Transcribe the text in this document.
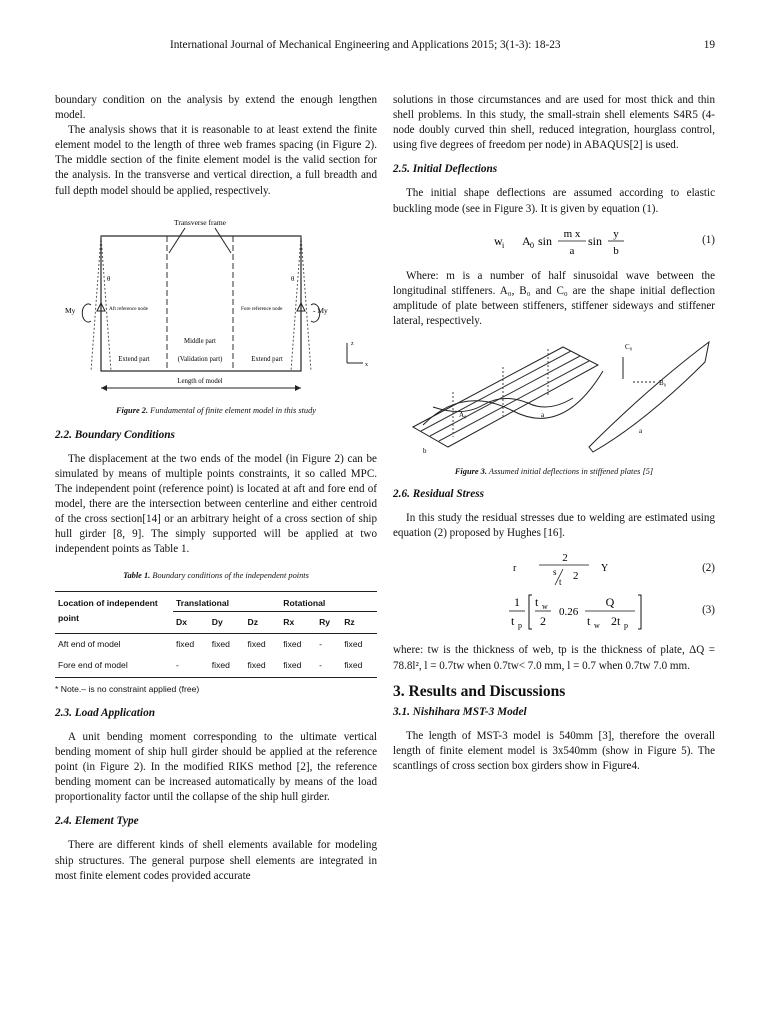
International Journal of Mechanical Engineering and Applications 2015; 3(1-3): 18-23	19

boundary condition on the analysis by extend the enough lengthen model.

The analysis shows that it is reasonable to at least extend the finite element model to the length of three web frames spacing (in Figure 2). The middle section of the finite element model is the valid section for the analysis. In the transverse and vertical direction, a full breadth and full depth model should be applied, respectively.

Transverse frame
θ	θ
My	- My
Aft reference node	Fore reference node
Middle part
(Validation part)
Extend part	Extend part
Length of model
z
x

Figure 2. Fundamental of finite element model in this study

2.2. Boundary Conditions

The displacement at the two ends of the model (in Figure 2) can be simulated by means of multiple points constraints, it so called MPC. The independent point (reference point) is located at aft and fore end of model, there are the intersection between centerline and either centroid of the cross section[14] or an arbitrary height of a cross section of ship hull girder [8, 9]. The simply supported will be applied at two independent points as Table 1.

Table 1. Boundary conditions of the independent points

Location of independent point	Translational			Rotational		
	Dx	Dy	Dz	Rx	Ry	Rz
Aft end of model	fixed	fixed	fixed	fixed	-	fixed
Fore end of model	-	fixed	fixed	fixed	-	fixed

* Note.– is no constraint applied (free)

2.3. Load Application

A unit bending moment corresponding to the ultimate vertical bending moment of ship hull girder should be applied at the reference point (in Figure 2). In the modified RIKS method [2], the reference bending moment can be increased automatically by means of the load proportionality factor until the collapse of the ship hull girder.

2.4. Element Type

There are different kinds of shell elements available for modeling ship structures. The general purpose shell elements are integrated in most finite element codes provided accurate

solutions in those circumstances and are used for most thick and thin shell problems. In this study, the small-strain shell elements S4R5 (4-node doubly curved thin shell, reduced integration, hourglass control, using five degrees of freedom per node) in ABAQUS[2] is used.

2.5. Initial Deflections

The initial shape deflections are assumed according to elastic buckling mode (see in Figure 3). It is given by equation (1).

w i A 0 sin m x
a
sin y
b
(1)

Where: m is a number of half sinusoidal wave between the longitudinal stiffeners. A₀, B₀ and C₀ are the shape initial deflection amplitude of plate between stiffeners, stiffener sideways and stiffener lateral, respectively.

A₀
b
a
C₀
B₀
a

Figure 3. Assumed initial deflections in stiffened plates [5]

2.6. Residual Stress

In this study the residual stresses due to welding are estimated using equation (2) proposed by Hughes [16].

r
2
s
t 2
Y	(2)
1
t p
t w
2
0.26
Q
t w 2t p
(3)

where: tw is the thickness of web, tp is the thickness of plate, ΔQ = 78.8l², l = 0.7tw when 0.7tw< 7.0 mm, l = 0.7 when 0.7tw 7.0 mm.

3. Results and Discussions
3.1. Nishihara MST-3 Model

The length of MST-3 model is 540mm [3], therefore the overall length of finite element model is 3x540mm (show in Figure 5). The scantlings of cross section box girders show in Figure4.
